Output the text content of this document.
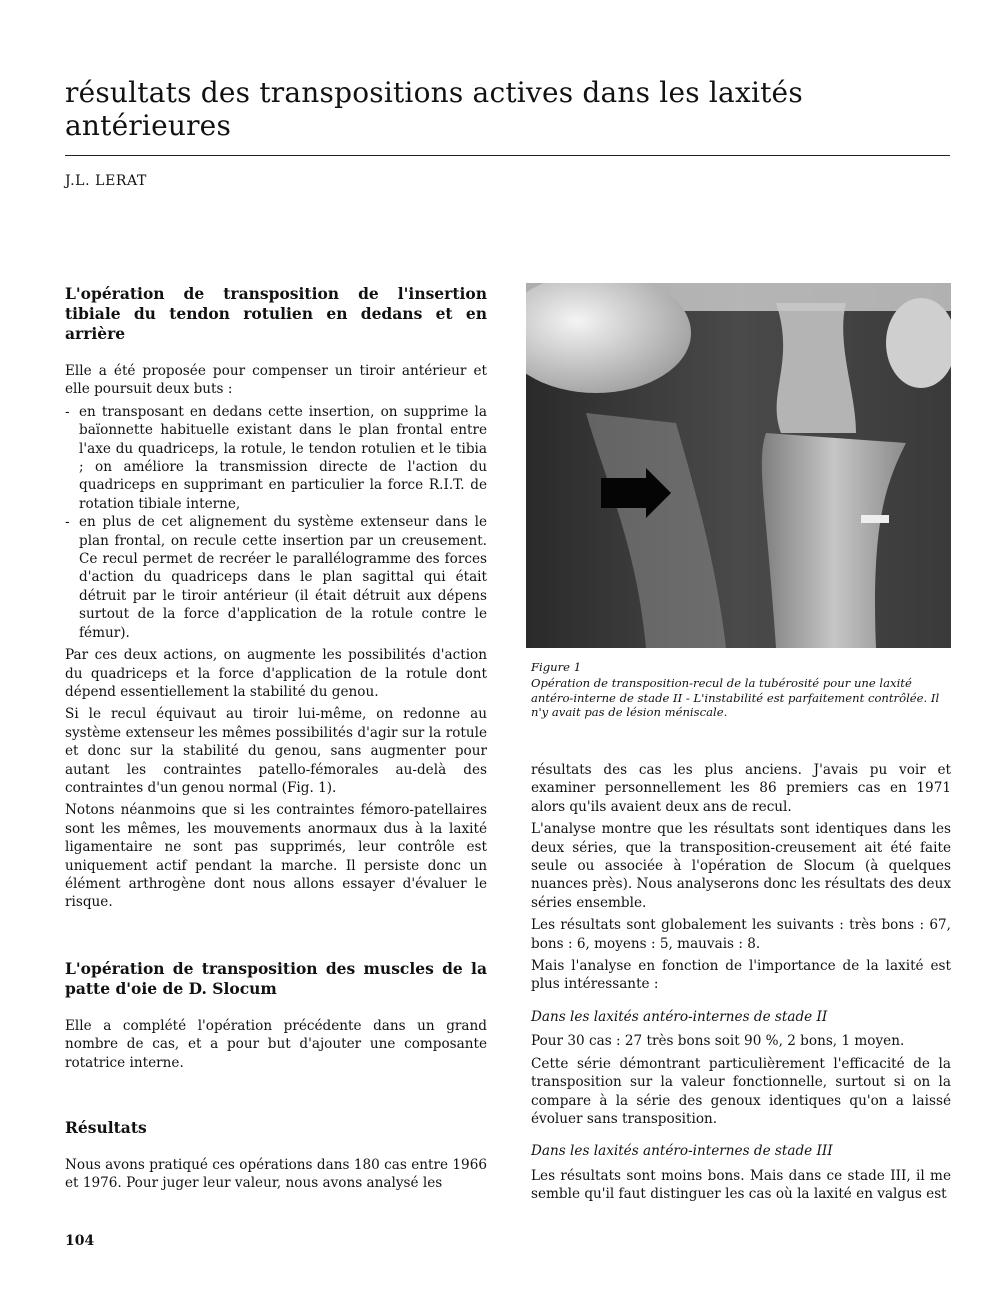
résultats des transpositions actives dans les laxités antérieures
J.L. LERAT
L'opération de transposition de l'insertion tibiale du tendon rotulien en dedans et en arrière

Elle a été proposée pour compenser un tiroir antérieur et elle poursuit deux buts :

- en transposant en dedans cette insertion, on supprime la baïonnette habituelle existant dans le plan frontal entre l'axe du quadriceps, la rotule, le tendon rotulien et le tibia ; on améliore la transmission directe de l'action du quadriceps en supprimant en particulier la force R.I.T. de rotation tibiale interne,
- en plus de cet alignement du système extenseur dans le plan frontal, on recule cette insertion par un creusement. Ce recul permet de recréer le parallélogramme des forces d'action du quadriceps dans le plan sagittal qui était détruit par le tiroir antérieur (il était détruit aux dépens surtout de la force d'application de la rotule contre le fémur).

Par ces deux actions, on augmente les possibilités d'action du quadriceps et la force d'application de la rotule dont dépend essentiellement la stabilité du genou.

Si le recul équivaut au tiroir lui-même, on redonne au système extenseur les mêmes possibilités d'agir sur la rotule et donc sur la stabilité du genou, sans augmenter pour autant les contraintes patello-fémorales au-delà des contraintes d'un genou normal (Fig. 1).

Notons néanmoins que si les contraintes fémoro-patellaires sont les mêmes, les mouvements anormaux dus à la laxité ligamentaire ne sont pas supprimés, leur contrôle est uniquement actif pendant la marche. Il persiste donc un élément arthrogène dont nous allons essayer d'évaluer le risque.

L'opération de transposition des muscles de la patte d'oie de D. Slocum

Elle a complété l'opération précédente dans un grand nombre de cas, et a pour but d'ajouter une composante rotatrice interne.

Résultats

Nous avons pratiqué ces opérations dans 180 cas entre 1966 et 1976. Pour juger leur valeur, nous avons analysé les

Figure 1
Opération de transposition-recul de la tubérosité pour une laxité antéro-interne de stade II - L'instabilité est parfaitement contrôlée. Il n'y avait pas de lésion méniscale.

résultats des cas les plus anciens. J'avais pu voir et examiner personnellement les 86 premiers cas en 1971 alors qu'ils avaient deux ans de recul.

L'analyse montre que les résultats sont identiques dans les deux séries, que la transposition-creusement ait été faite seule ou associée à l'opération de Slocum (à quelques nuances près). Nous analyserons donc les résultats des deux séries ensemble.

Les résultats sont globalement les suivants : très bons : 67, bons : 6, moyens : 5, mauvais : 8.

Mais l'analyse en fonction de l'importance de la laxité est plus intéressante :

Dans les laxités antéro-internes de stade II

Pour 30 cas : 27 très bons soit 90 %, 2 bons, 1 moyen.

Cette série démontrant particulièrement l'efficacité de la transposition sur la valeur fonctionnelle, surtout si on la compare à la série des genoux identiques qu'on a laissé évoluer sans transposition.

Dans les laxités antéro-internes de stade III

Les résultats sont moins bons. Mais dans ce stade III, il me semble qu'il faut distinguer les cas où la laxité en valgus est

104
